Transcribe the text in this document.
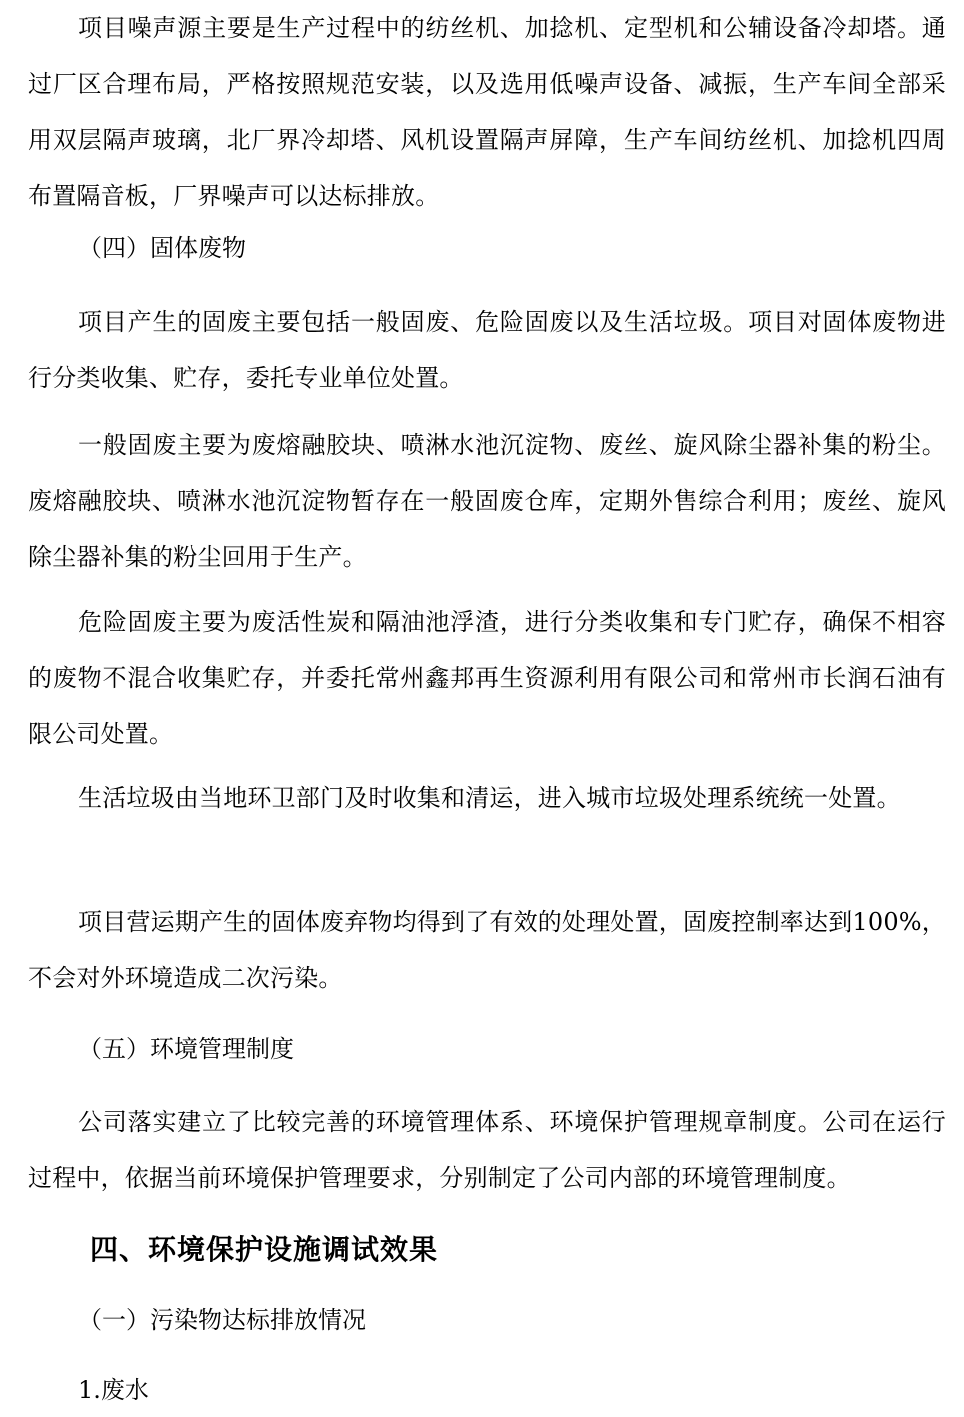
项目噪声源主要是生产过程中的纺丝机、加捻机、定型机和公辅设备冷却塔。通过厂区合理布局，严格按照规范安装，以及选用低噪声设备、减振，生产车间全部采用双层隔声玻璃，北厂界冷却塔、风机设置隔声屏障，生产车间纺丝机、加捻机四周布置隔音板，厂界噪声可以达标排放。

（四）固体废物

项目产生的固废主要包括一般固废、危险固废以及生活垃圾。项目对固体废物进行分类收集、贮存，委托专业单位处置。

一般固废主要为废熔融胶块、喷淋水池沉淀物、废丝、旋风除尘器补集的粉尘。废熔融胶块、喷淋水池沉淀物暂存在一般固废仓库，定期外售综合利用；废丝、旋风除尘器补集的粉尘回用于生产。

危险固废主要为废活性炭和隔油池浮渣，进行分类收集和专门贮存，确保不相容的废物不混合收集贮存，并委托常州鑫邦再生资源利用有限公司和常州市长润石油有限公司处置。

生活垃圾由当地环卫部门及时收集和清运，进入城市垃圾处理系统统一处置。

项目营运期产生的固体废弃物均得到了有效的处理处置，固废控制率达到100%，不会对外环境造成二次污染。

（五）环境管理制度

公司落实建立了比较完善的环境管理体系、环境保护管理规章制度。公司在运行过程中，依据当前环境保护管理要求，分别制定了公司内部的环境管理制度。

四、环境保护设施调试效果

（一）污染物达标排放情况

1.废水
